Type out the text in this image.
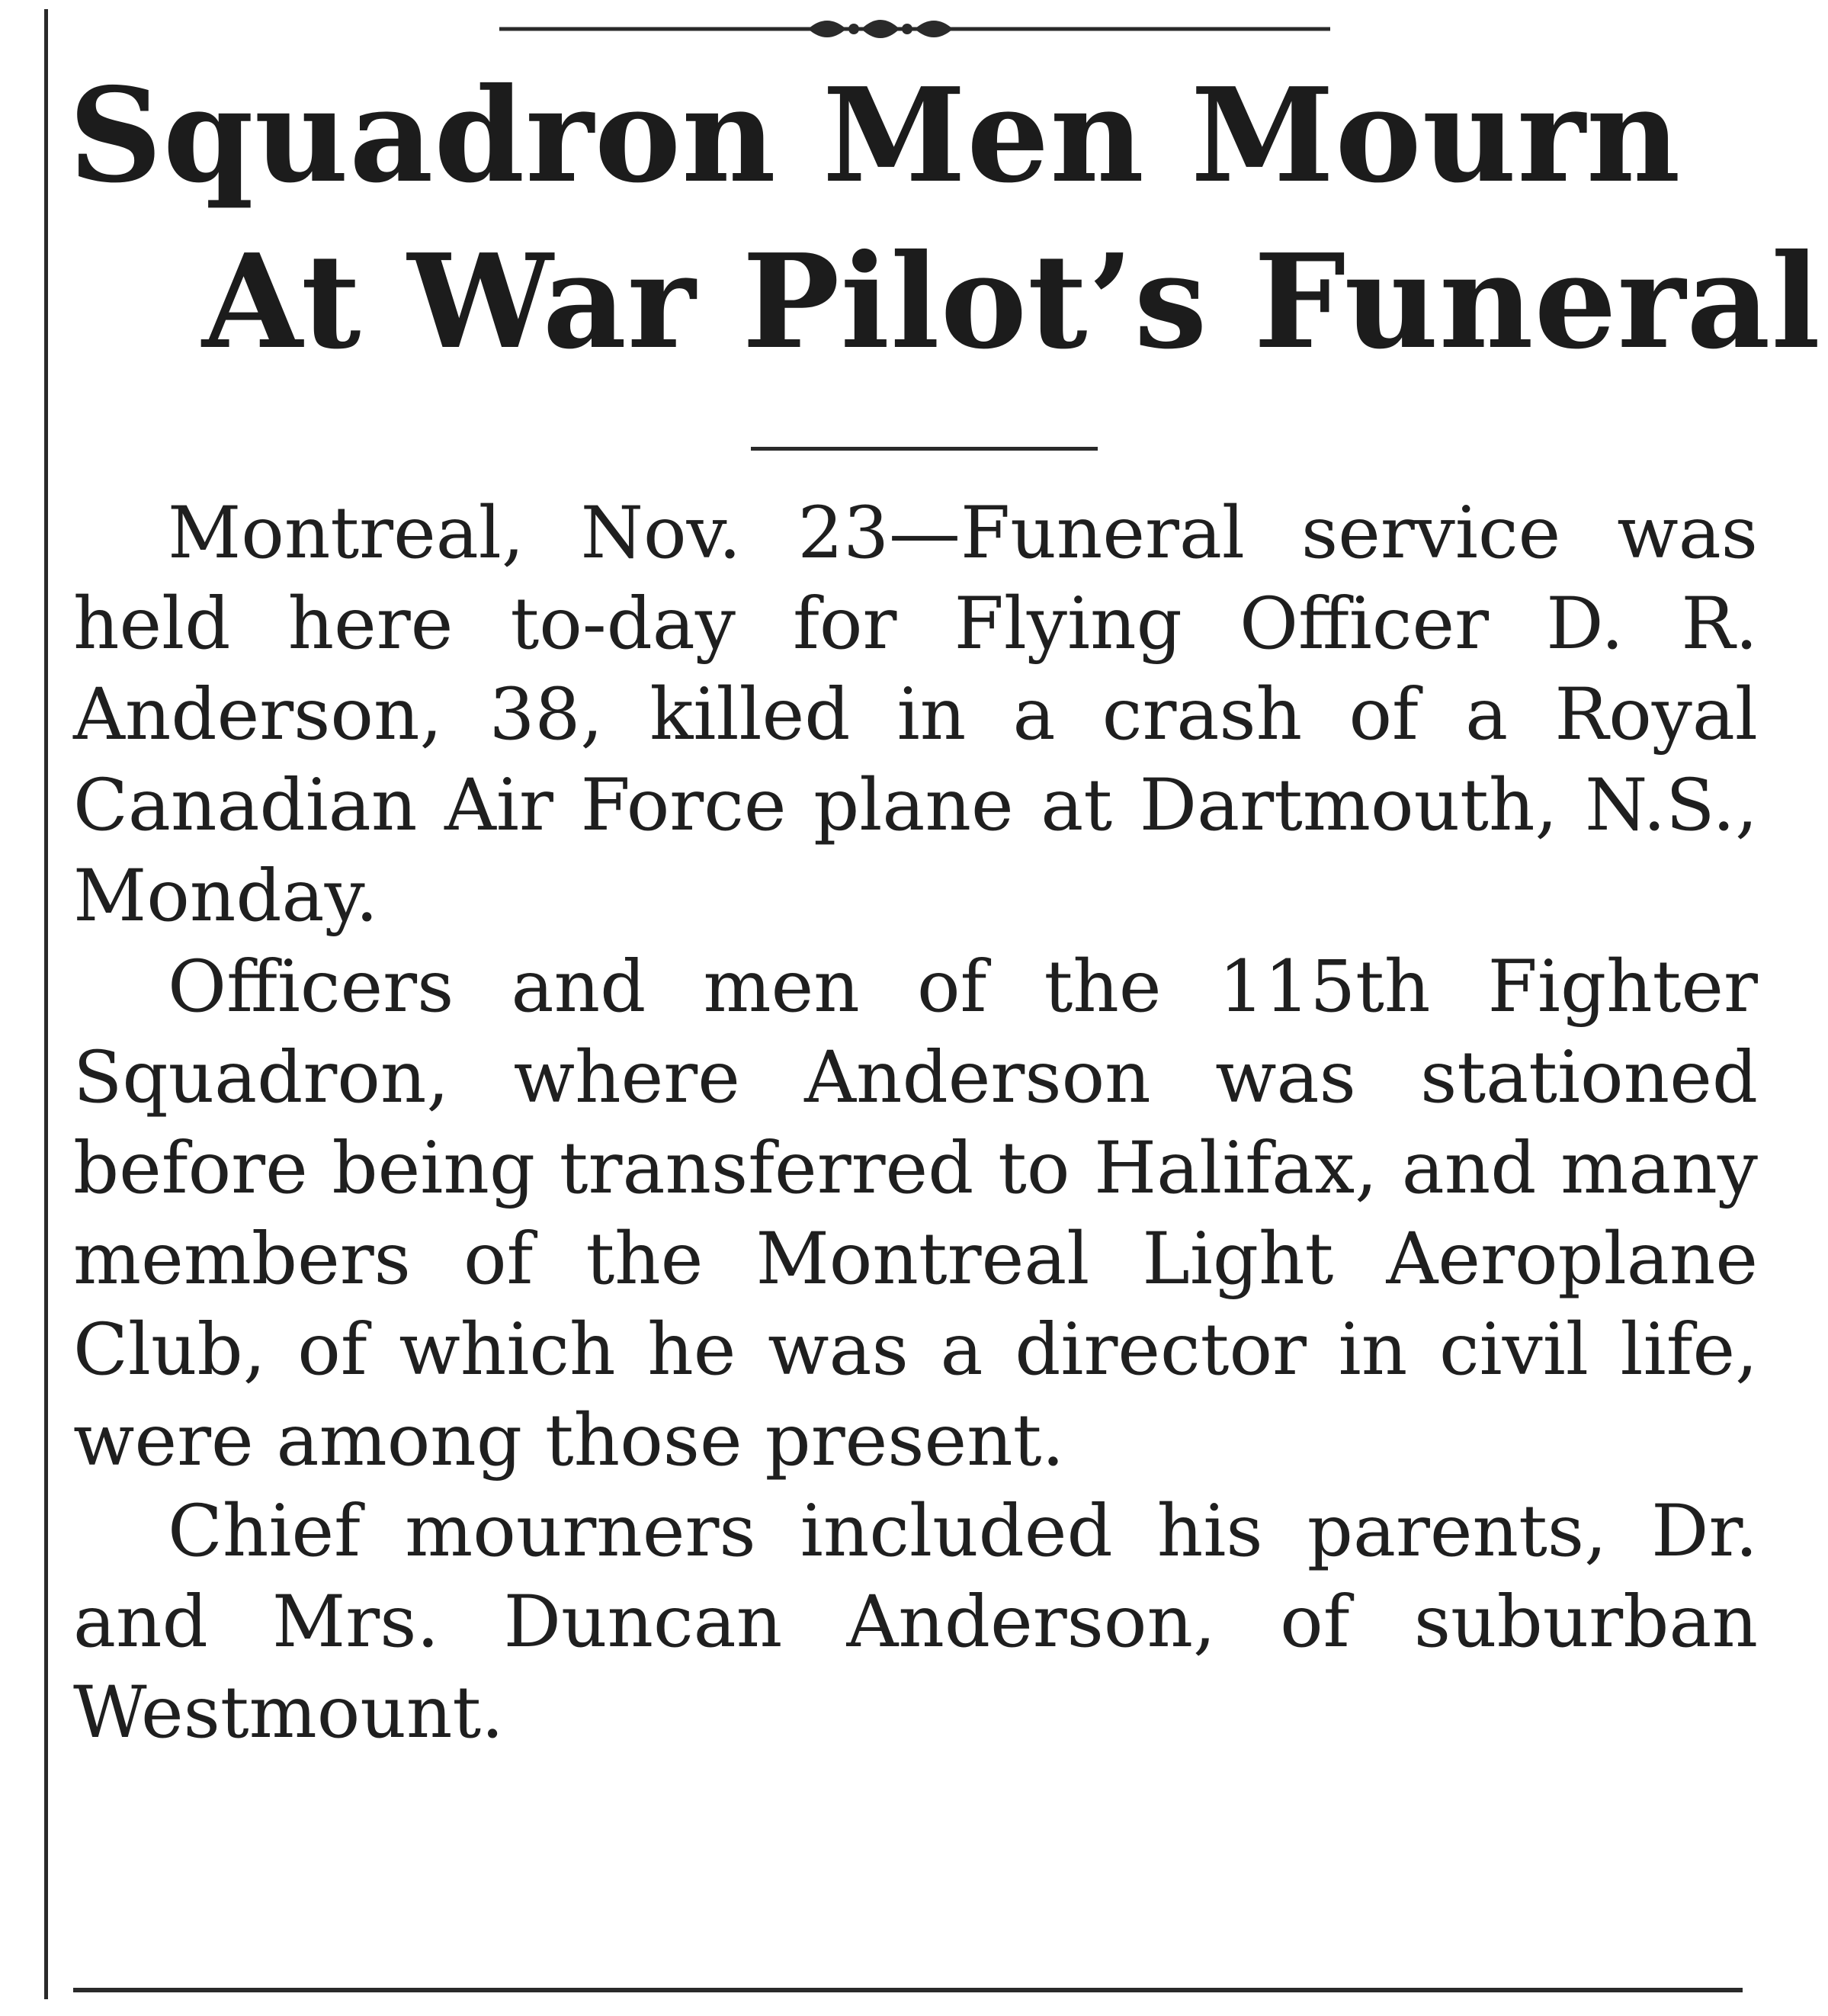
Squadron Men Mourn
At War Pilot’s Funeral

Montreal, Nov. 23—Funeral service was held here to-day for Flying Officer D. R. Anderson, 38, killed in a crash of a Royal Canadian Air Force plane at Dartmouth, N.S., Monday.

Officers and men of the 115th Fighter Squadron, where Anderson was stationed before being transferred to Halifax, and many members of the Montreal Light Aeroplane Club, of which he was a director in civil life, were among those present.

Chief mourners included his parents, Dr. and Mrs. Duncan Anderson, of suburban Westmount.
